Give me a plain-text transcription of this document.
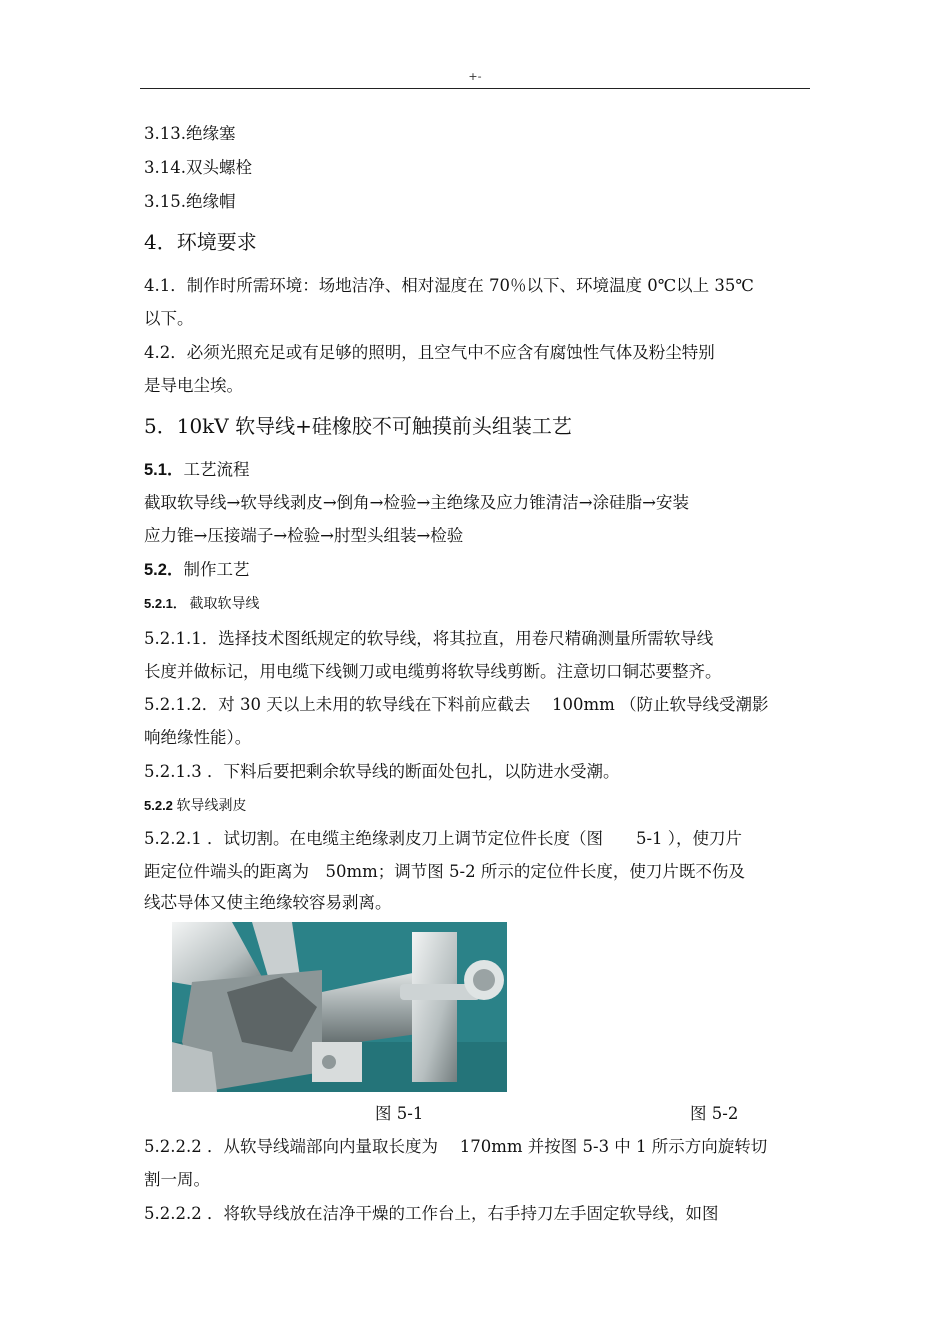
+-
3.13.绝缘塞
3.14.双头螺栓
3.15.绝缘帽
4．环境要求
4.1．制作时所需环境：场地洁净、相对湿度在 70％以下、环境温度 0℃以上 35℃
以下。
4.2．必须光照充足或有足够的照明，且空气中不应含有腐蚀性气体及粉尘特别
是导电尘埃。
5．10kV 软导线+硅橡胶不可触摸前头组装工艺
5.1．工艺流程
截取软导线→软导线剥皮→倒角→检验→主绝缘及应力锥清洁→涂硅脂→安装
应力锥→压接端子→检验→肘型头组装→检验
5.2．制作工艺
5.2.1． 截取软导线
5.2.1.1．选择技术图纸规定的软导线，将其拉直，用卷尺精确测量所需软导线
长度并做标记，用电缆下线铡刀或电缆剪将软导线剪断。注意切口铜芯要整齐。
5.2.1.2．对 30 天以上未用的软导线在下料前应截去　 100mm （防止软导线受潮影
响绝缘性能）。
5.2.1.3 ．下料后要把剩余软导线的断面处包扎，以防进水受潮。
5.2.2 软导线剥皮
5.2.2.1 ．试切割。在电缆主绝缘剥皮刀上调节定位件长度（图　　5-1 ），使刀片
距定位件端头的距离为　50mm；调节图 5-2 所示的定位件长度，使刀片既不伤及
线芯导体又使主绝缘较容易剥离。
图 5-1	图 5-2
5.2.2.2 ．从软导线端部向内量取长度为　 170mm 并按图 5-3 中 1 所示方向旋转切
割一周。
5.2.2.2 ．将软导线放在洁净干燥的工作台上，右手持刀左手固定软导线，如图
